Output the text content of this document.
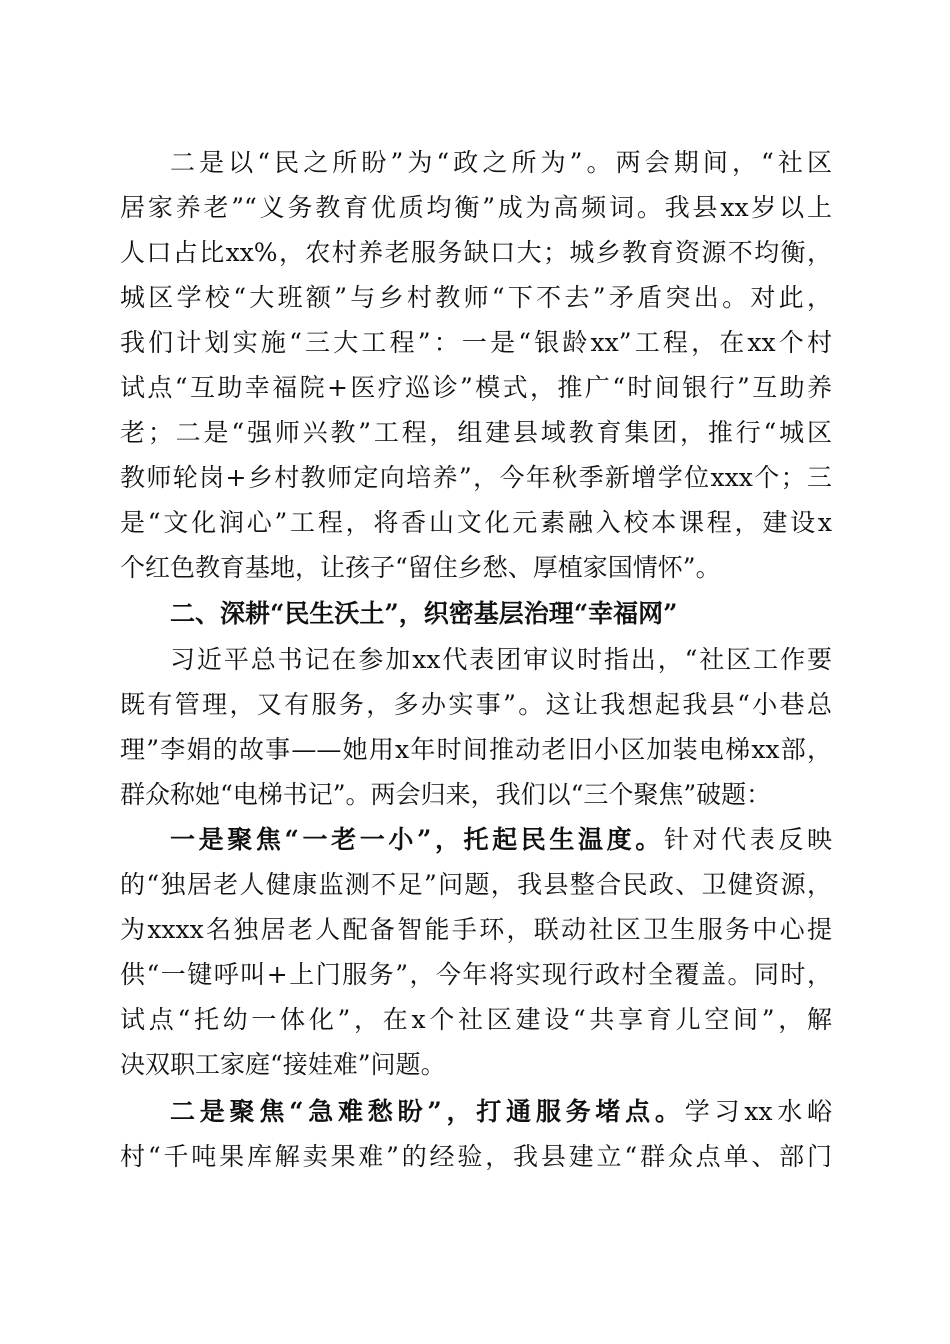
二是以“民之所盼”为“政之所为”。两会期间，“社区
居家养老”“义务教育优质均衡”成为高频词。我县xx岁以上
人口占比xx%，农村养老服务缺口大；城乡教育资源不均衡，
城区学校“大班额”与乡村教师“下不去”矛盾突出。对此，
我们计划实施“三大工程”：一是“银龄xx”工程，在xx个村
试点“互助幸福院+医疗巡诊”模式，推广“时间银行”互助养
老；二是“强师兴教”工程，组建县域教育集团，推行“城区
教师轮岗+乡村教师定向培养”，今年秋季新增学位xxx个；三
是“文化润心”工程，将香山文化元素融入校本课程，建设x
个红色教育基地，让孩子“留住乡愁、厚植家国情怀”。
二、深耕“民生沃土”，织密基层治理“幸福网”
习近平总书记在参加xx代表团审议时指出，“社区工作要
既有管理，又有服务，多办实事”。这让我想起我县“小巷总
理”李娟的故事——她用x年时间推动老旧小区加装电梯xx部，
群众称她“电梯书记”。两会归来，我们以“三个聚焦”破题：
一是聚焦“一老一小”，托起民生温度。针对代表反映
的“独居老人健康监测不足”问题，我县整合民政、卫健资源，
为xxxx名独居老人配备智能手环，联动社区卫生服务中心提
供“一键呼叫+上门服务”，今年将实现行政村全覆盖。同时，
试点“托幼一体化”，在x个社区建设“共享育儿空间”，解
决双职工家庭“接娃难”问题。
二是聚焦“急难愁盼”，打通服务堵点。学习xx水峪
村“千吨果库解卖果难”的经验，我县建立“群众点单、部门
